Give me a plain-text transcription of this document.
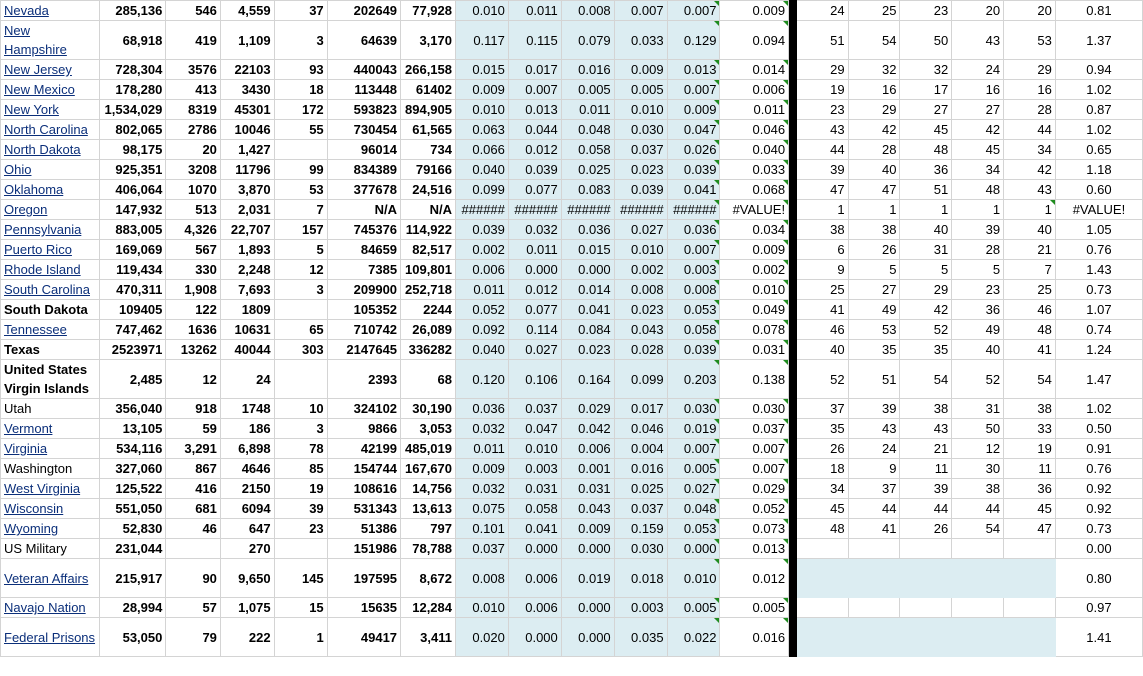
Nevada	285,136	546	4,559	37	202649	77,928	0.010	0.011	0.008	0.007	0.007	0.009		24	25	23	20	20	0.81
New Hampshire	68,918	419	1,109	3	64639	3,170	0.117	0.115	0.079	0.033	0.129	0.094		51	54	50	43	53	1.37
New Jersey	728,304	3576	22103	93	440043	266,158	0.015	0.017	0.016	0.009	0.013	0.014		29	32	32	24	29	0.94
New Mexico	178,280	413	3430	18	113448	61402	0.009	0.007	0.005	0.005	0.007	0.006		19	16	17	16	16	1.02
New York	1,534,029	8319	45301	172	593823	894,905	0.010	0.013	0.011	0.010	0.009	0.011		23	29	27	27	28	0.87
North Carolina	802,065	2786	10046	55	730454	61,565	0.063	0.044	0.048	0.030	0.047	0.046		43	42	45	42	44	1.02
North Dakota	98,175	20	1,427		96014	734	0.066	0.012	0.058	0.037	0.026	0.040		44	28	48	45	34	0.65
Ohio	925,351	3208	11796	99	834389	79166	0.040	0.039	0.025	0.023	0.039	0.033		39	40	36	34	42	1.18
Oklahoma	406,064	1070	3,870	53	377678	24,516	0.099	0.077	0.083	0.039	0.041	0.068		47	47	51	48	43	0.60
Oregon	147,932	513	2,031	7	N/A	N/A	######	######	######	######	######	#VALUE!		1	1	1	1	1	#VALUE!
Pennsylvania	883,005	4,326	22,707	157	745376	114,922	0.039	0.032	0.036	0.027	0.036	0.034		38	38	40	39	40	1.05
Puerto Rico	169,069	567	1,893	5	84659	82,517	0.002	0.011	0.015	0.010	0.007	0.009		6	26	31	28	21	0.76
Rhode Island	119,434	330	2,248	12	7385	109,801	0.006	0.000	0.000	0.002	0.003	0.002		9	5	5	5	7	1.43
South Carolina	470,311	1,908	7,693	3	209900	252,718	0.011	0.012	0.014	0.008	0.008	0.010		25	27	29	23	25	0.73
South Dakota	109405	122	1809		105352	2244	0.052	0.077	0.041	0.023	0.053	0.049		41	49	42	36	46	1.07
Tennessee	747,462	1636	10631	65	710742	26,089	0.092	0.114	0.084	0.043	0.058	0.078		46	53	52	49	48	0.74
Texas	2523971	13262	40044	303	2147645	336282	0.040	0.027	0.023	0.028	0.039	0.031		40	35	35	40	41	1.24
United States Virgin Islands	2,485	12	24		2393	68	0.120	0.106	0.164	0.099	0.203	0.138		52	51	54	52	54	1.47
Utah	356,040	918	1748	10	324102	30,190	0.036	0.037	0.029	0.017	0.030	0.030		37	39	38	31	38	1.02
Vermont	13,105	59	186	3	9866	3,053	0.032	0.047	0.042	0.046	0.019	0.037		35	43	43	50	33	0.50
Virginia	534,116	3,291	6,898	78	42199	485,019	0.011	0.010	0.006	0.004	0.007	0.007		26	24	21	12	19	0.91
Washington	327,060	867	4646	85	154744	167,670	0.009	0.003	0.001	0.016	0.005	0.007		18	9	11	30	11	0.76
West Virginia	125,522	416	2150	19	108616	14,756	0.032	0.031	0.031	0.025	0.027	0.029		34	37	39	38	36	0.92
Wisconsin	551,050	681	6094	39	531343	13,613	0.075	0.058	0.043	0.037	0.048	0.052		45	44	44	44	45	0.92
Wyoming	52,830	46	647	23	51386	797	0.101	0.041	0.009	0.159	0.053	0.073		48	41	26	54	47	0.73
US Military	231,044		270		151986	78,788	0.037	0.000	0.000	0.030	0.000	0.013							0.00
Veteran Affairs	215,917	90	9,650	145	197595	8,672	0.008	0.006	0.019	0.018	0.010	0.012							0.80
Navajo Nation	28,994	57	1,075	15	15635	12,284	0.010	0.006	0.000	0.003	0.005	0.005							0.97
Federal Prisons	53,050	79	222	1	49417	3,411	0.020	0.000	0.000	0.035	0.022	0.016							1.41
